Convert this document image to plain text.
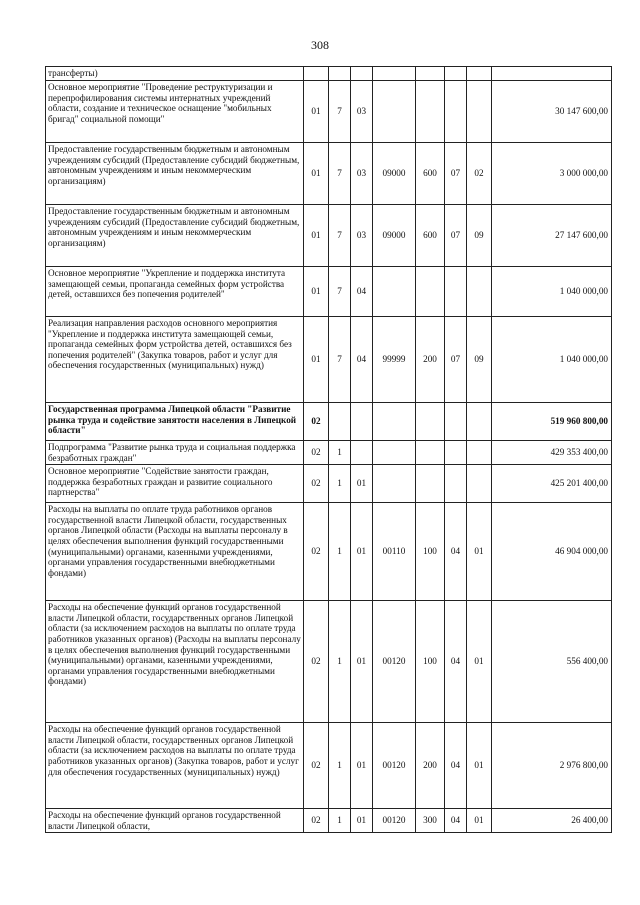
308
трансферты)								
Основное мероприятие "Проведение реструктуризации и перепрофилирования системы интернатных учреждений области, создание и техническое оснащение "мобильных бригад" социальной помощи"	01	7	03					30 147 600,00
Предоставление государственным бюджетным и автономным учреждениям субсидий (Предоставление субсидий бюджетным, автономным учреждениям и иным некоммерческим организациям)	01	7	03	09000	600	07	02	3 000 000,00
Предоставление государственным бюджетным и автономным учреждениям субсидий (Предоставление субсидий бюджетным, автономным учреждениям и иным некоммерческим организациям)	01	7	03	09000	600	07	09	27 147 600,00
Основное мероприятие "Укрепление и поддержка института замещающей семьи, пропаганда семейных форм устройства детей, оставшихся без попечения родителей"	01	7	04					1 040 000,00
Реализация направления расходов основного мероприятия "Укрепление и поддержка института замещающей семьи, пропаганда семейных форм устройства детей, оставшихся без попечения родителей" (Закупка товаров, работ и услуг для обеспечения государственных (муниципальных) нужд)	01	7	04	99999	200	07	09	1 040 000,00
Государственная программа Липецкой области "Развитие рынка труда и содействие занятости населения в Липецкой области"	02							519 960 800,00
Подпрограмма "Развитие рынка труда и социальная поддержка безработных граждан"	02	1						429 353 400,00
Основное мероприятие "Содействие занятости граждан, поддержка безработных граждан и развитие социального партнерства"	02	1	01					425 201 400,00
Расходы на выплаты по оплате труда работников органов государственной власти Липецкой области, государственных органов Липецкой области (Расходы на выплаты персоналу в целях обеспечения выполнения функций государственными (муниципальными) органами, казенными учреждениями, органами управления государственными внебюджетными фондами)	02	1	01	00110	100	04	01	46 904 000,00
Расходы на обеспечение функций органов государственной власти Липецкой области, государственных органов Липецкой области (за исключением расходов на выплаты по оплате труда работников указанных органов) (Расходы на выплаты персоналу в целях обеспечения выполнения функций государственными (муниципальными) органами, казенными учреждениями, органами управления государственными внебюджетными фондами)	02	1	01	00120	100	04	01	556 400,00
Расходы на обеспечение функций органов государственной власти Липецкой области, государственных органов Липецкой области (за исключением расходов на выплаты по оплате труда работников указанных органов) (Закупка товаров, работ и услуг для обеспечения государственных (муниципальных) нужд)	02	1	01	00120	200	04	01	2 976 800,00
Расходы на обеспечение функций органов государственной власти Липецкой области,	02	1	01	00120	300	04	01	26 400,00
